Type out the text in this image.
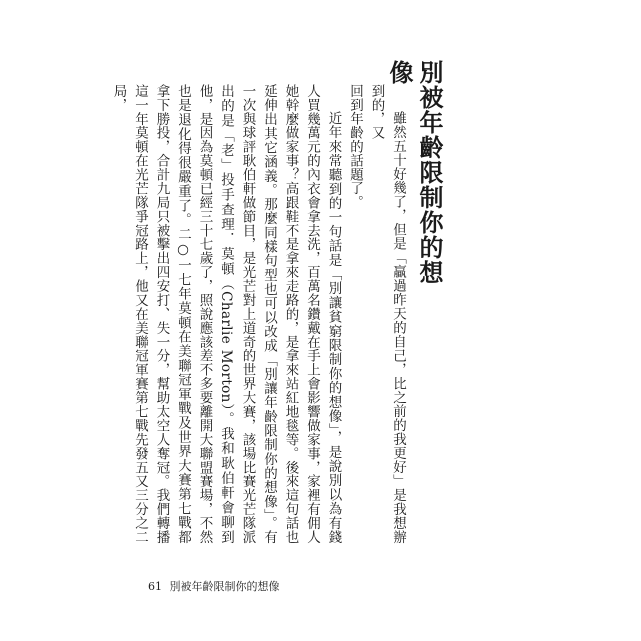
別被年齡限制你的想像

雖然五十好幾了，但是「贏過昨天的自己，比之前的我更好」是我想辦到的，又

回到年齡的話題了。

近年來常聽到的一句話是「別讓貧窮限制你的想像」，是說別以為有錢人買幾萬元的內衣會拿去洗，百萬名鑽戴在手上會影響做家事，家裡有佣人她幹麼做家事？高跟鞋不是拿來走路的，是拿來站紅地毯等。後來這句話也延伸出其它涵義。那麼同樣句型也可以改成「別讓年齡限制你的想像」。有一次與球評耿伯軒做節目，是光芒對上道奇的世界大賽，該場比賽光芒隊派出的是「老」投手查理．莫頓（Charlie Morton）。我和耿伯軒會聊到他，是因為莫頓已經三十七歲了，照說應該差不多要離開大聯盟賽場，不然也是退化得很嚴重了。二○一七年莫頓在美聯冠軍戰及世界大賽第七戰都拿下勝投，合計九局只被擊出四安打、失一分，幫助太空人奪冠。我們轉播這一年莫頓在光芒隊爭冠路上，他又在美聯冠軍賽第七戰先發五又三分之二局，

61 別被年齡限制你的想像
